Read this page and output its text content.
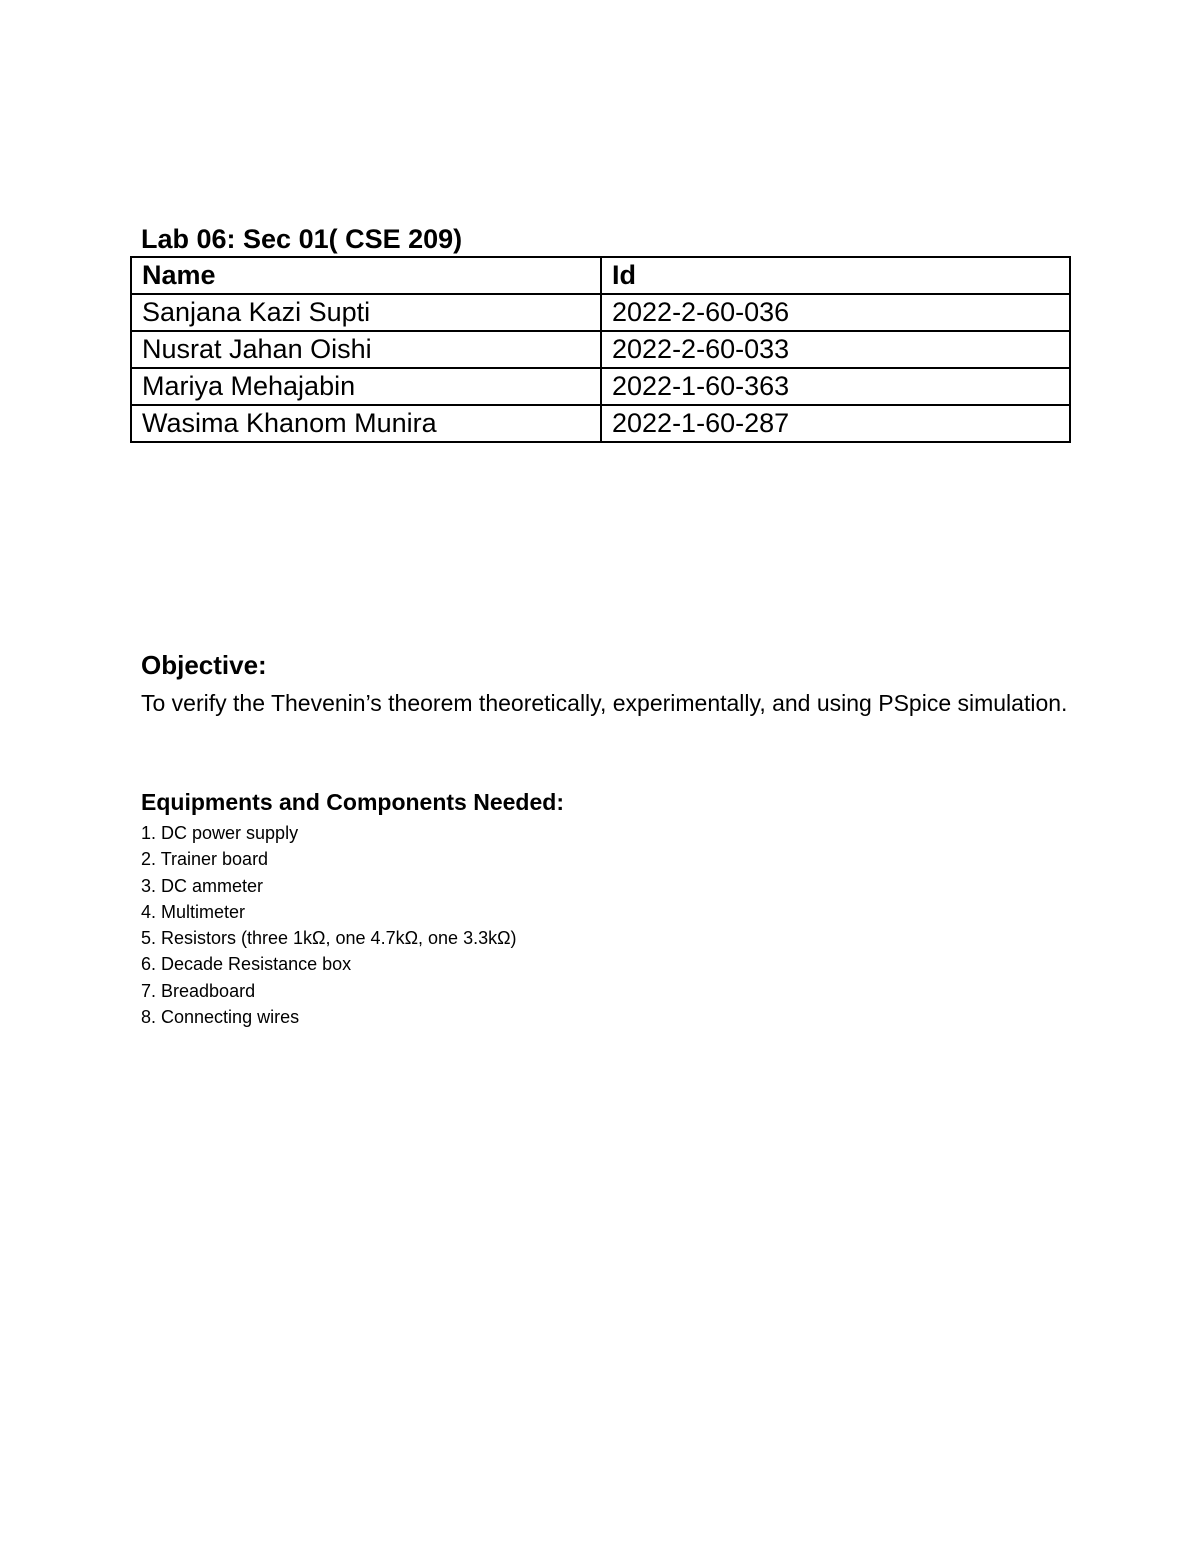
Lab 06: Sec 01( CSE 209)
Name	Id
Sanjana Kazi Supti	2022-2-60-036
Nusrat Jahan Oishi	2022-2-60-033
Mariya Mehajabin	2022-1-60-363
Wasima Khanom Munira	2022-1-60-287
Objective:
To verify the Thevenin’s theorem theoretically, experimentally, and using PSpice simulation.
Equipments and Components Needed:
1. DC power supply
2. Trainer board
3. DC ammeter
4. Multimeter
5. Resistors (three 1kΩ, one 4.7kΩ, one 3.3kΩ)
6. Decade Resistance box
7. Breadboard
8. Connecting wires
